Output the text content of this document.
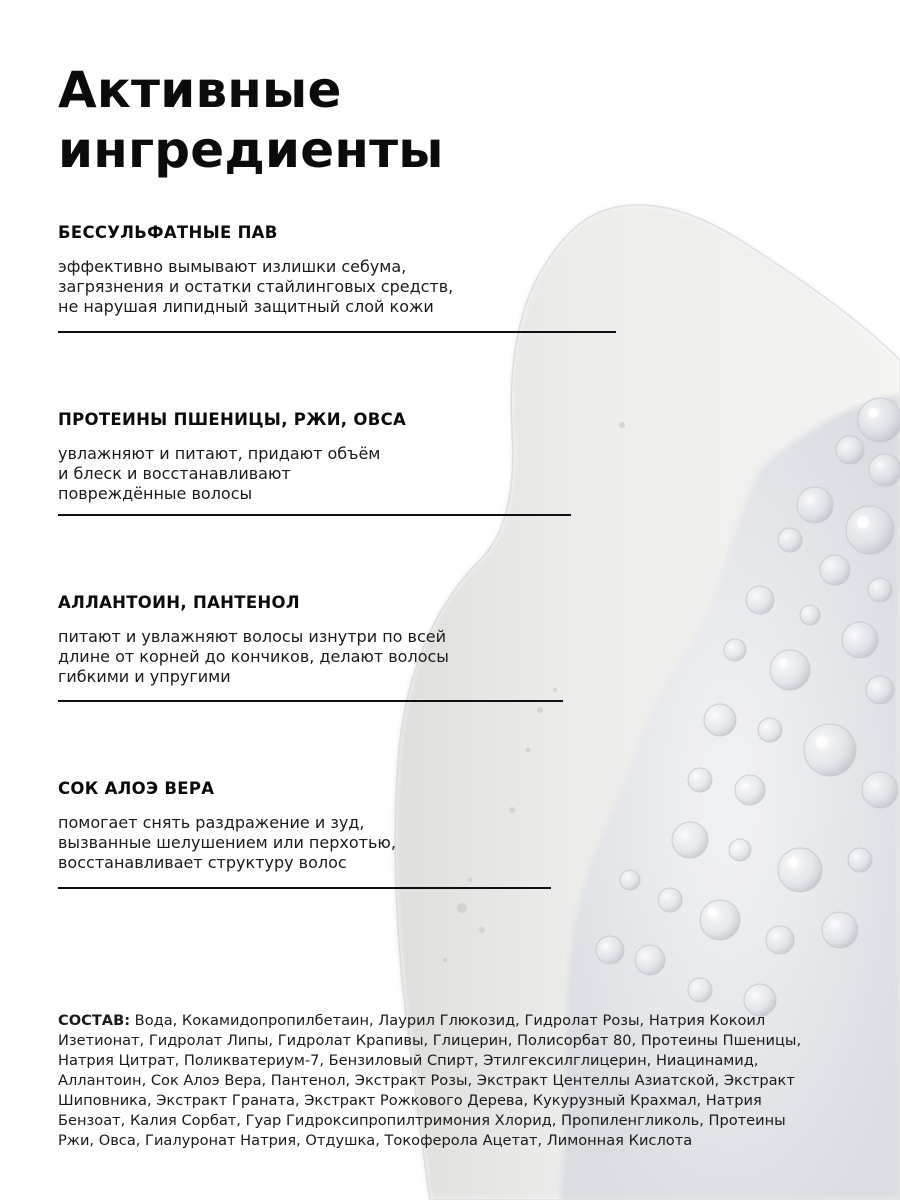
Активные
ингредиенты
БЕССУЛЬФАТНЫЕ ПАВ

эффективно вымывают излишки себума,
загрязнения и остатки стайлинговых средств,
не нарушая липидный защитный слой кожи

ПРОТЕИНЫ ПШЕНИЦЫ, РЖИ, ОВСА

увлажняют и питают, придают объём
и блеск и восстанавливают
повреждённые волосы

АЛЛАНТОИН, ПАНТЕНОЛ

питают и увлажняют волосы изнутри по всей
длине от корней до кончиков, делают волосы
гибкими и упругими

СОК АЛОЭ ВЕРА

помогает снять раздражение и зуд,
вызванные шелушением или перхотью,
восстанавливает структуру волос

СОСТАВ: Вода, Кокамидопропилбетаин, Лаурил Глюкозид, Гидролат Розы, Натрия Кокоил
Изетионат, Гидролат Липы, Гидролат Крапивы, Глицерин, Полисорбат 80, Протеины Пшеницы,
Натрия Цитрат, Поликватериум-7, Бензиловый Спирт, Этилгексилглицерин, Ниацинамид,
Аллантоин, Сок Алоэ Вера, Пантенол, Экстракт Розы, Экстракт Центеллы Азиатской, Экстракт
Шиповника, Экстракт Граната, Экстракт Рожкового Дерева, Кукурузный Крахмал, Натрия
Бензоат, Калия Сорбат, Гуар Гидроксипропилтримония Хлорид, Пропиленгликоль, Протеины
Ржи, Овса, Гиалуронат Натрия, Отдушка, Токоферола Ацетат, Лимонная Кислота
